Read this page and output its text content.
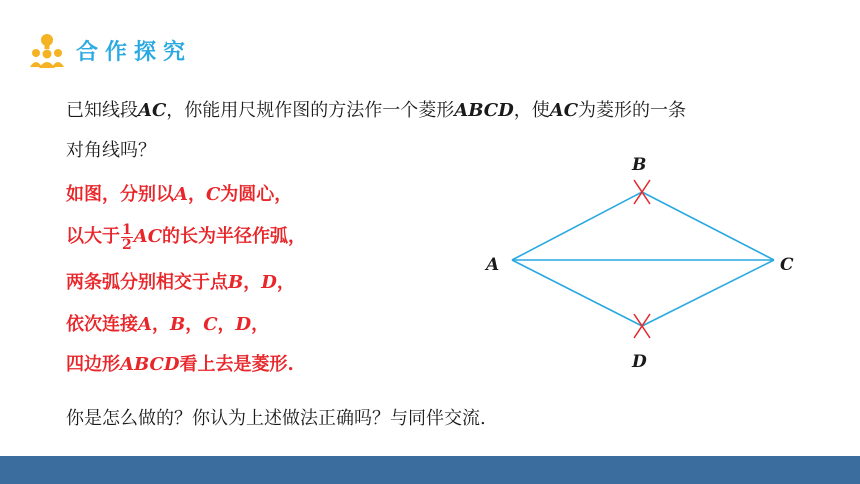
合作探究
已知线段AC，你能用尺规作图的方法作一个菱形ABCD，使AC为菱形的一条
对角线吗？
如图，分别以A，C为圆心，
以大于 $\frac{1}{2}$ AC的长为半径作弧，
两条弧分别相交于点B，D，
依次连接A，B，C，D，
四边形ABCD看上去是菱形.
你是怎么做的？你认为上述做法正确吗？与同伴交流.
A
B
C
D
